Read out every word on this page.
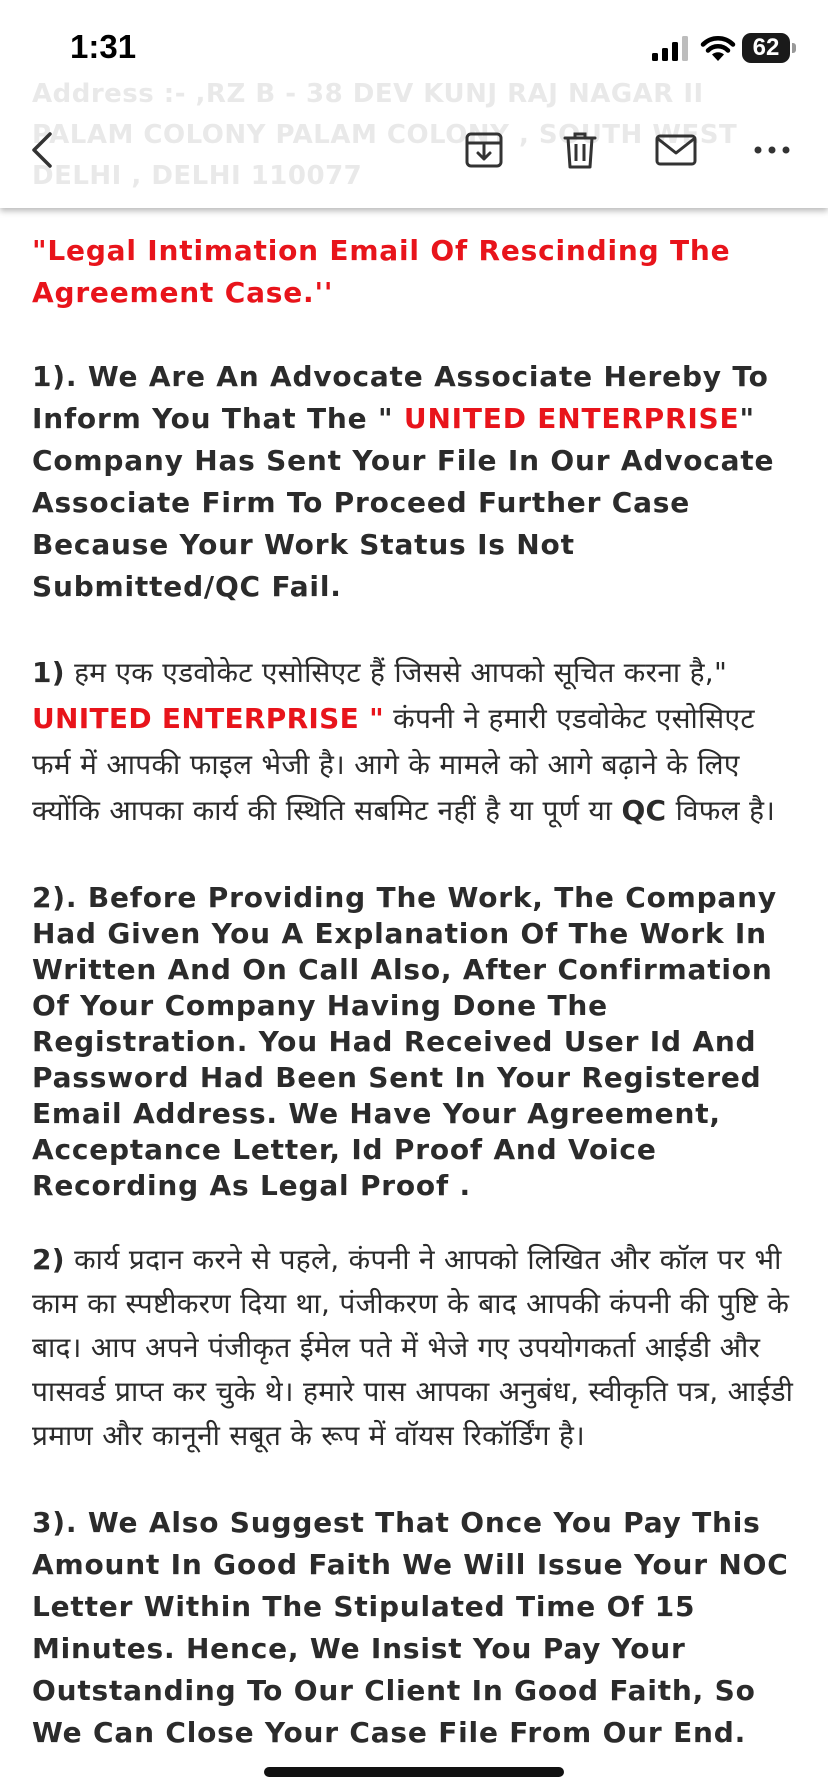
1:31	62
Address :- ,RZ B - 38 DEV KUNJ RAJ NAGAR II PALAM COLONY PALAM COLONY , SOUTH WEST DELHI , DELHI 110077

"Legal Intimation Email Of Rescinding The Agreement Case.''

1). We Are An Advocate Associate Hereby To Inform You That The " UNITED ENTERPRISE" Company Has Sent Your File In Our Advocate Associate Firm To Proceed Further Case Because Your Work Status Is Not Submitted/QC Fail.

1) हम एक एडवोकेट एसोसिएट हैं जिससे आपको सूचित करना है," UNITED ENTERPRISE " कंपनी ने हमारी एडवोकेट एसोसिएट फर्म में आपकी फाइल भेजी है। आगे के मामले को आगे बढ़ाने के लिए क्योंकि आपका कार्य की स्थिति सबमिट नहीं है या पूर्ण या QC विफल है।

2). Before Providing The Work, The Company Had Given You A Explanation Of The Work In Written And On Call Also, After Confirmation Of Your Company Having Done The Registration. You Had Received User Id And Password Had Been Sent In Your Registered Email Address. We Have Your Agreement, Acceptance Letter, Id Proof And Voice Recording As Legal Proof .

2) कार्य प्रदान करने से पहले, कंपनी ने आपको लिखित और कॉल पर भी काम का स्पष्टीकरण दिया था, पंजीकरण के बाद आपकी कंपनी की पुष्टि के बाद। आप अपने पंजीकृत ईमेल पते में भेजे गए उपयोगकर्ता आईडी और पासवर्ड प्राप्त कर चुके थे। हमारे पास आपका अनुबंध, स्वीकृति पत्र, आईडी प्रमाण और कानूनी सबूत के रूप में वॉयस रिकॉर्डिंग है।

3). We Also Suggest That Once You Pay This Amount In Good Faith We Will Issue Your NOC Letter Within The Stipulated Time Of 15 Minutes. Hence, We Insist You Pay Your Outstanding To Our Client In Good Faith, So We Can Close Your Case File From Our End.
